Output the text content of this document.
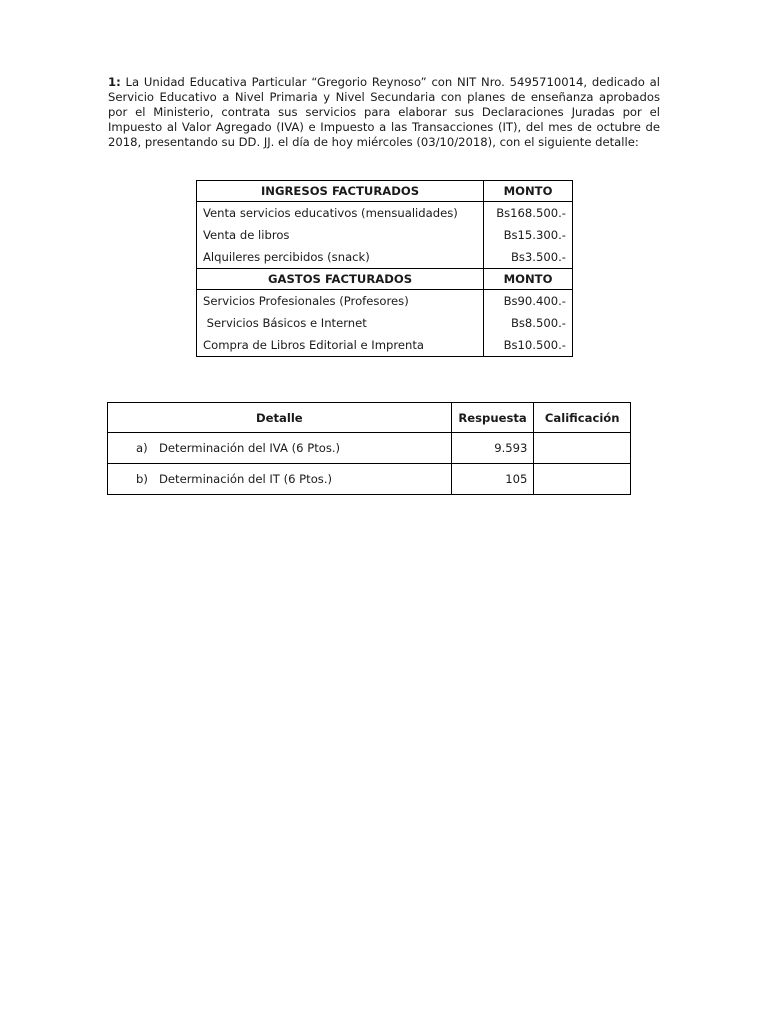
1: La Unidad Educativa Particular “Gregorio Reynoso” con NIT Nro. 5495710014, dedicado al Servicio Educativo a Nivel Primaria y Nivel Secundaria con planes de enseñanza aprobados por el Ministerio, contrata sus servicios para elaborar sus Declaraciones Juradas por el Impuesto al Valor Agregado (IVA) e Impuesto a las Transacciones (IT), del mes de octubre de 2018, presentando su DD. JJ. el día de hoy miércoles (03/10/2018), con el siguiente detalle:

INGRESOS FACTURADOS	MONTO
Venta servicios educativos (mensualidades)	Bs168.500.-
Venta de libros	Bs15.300.-
Alquileres percibidos (snack)	Bs3.500.-
GASTOS FACTURADOS	MONTO
Servicios Profesionales (Profesores)	Bs90.400.-
Servicios Básicos e Internet	Bs8.500.-
Compra de Libros Editorial e Imprenta	Bs10.500.-
Detalle	Respuesta	Calificación
a) Determinación del IVA (6 Ptos.)	9.593	
b) Determinación del IT (6 Ptos.)	105	
